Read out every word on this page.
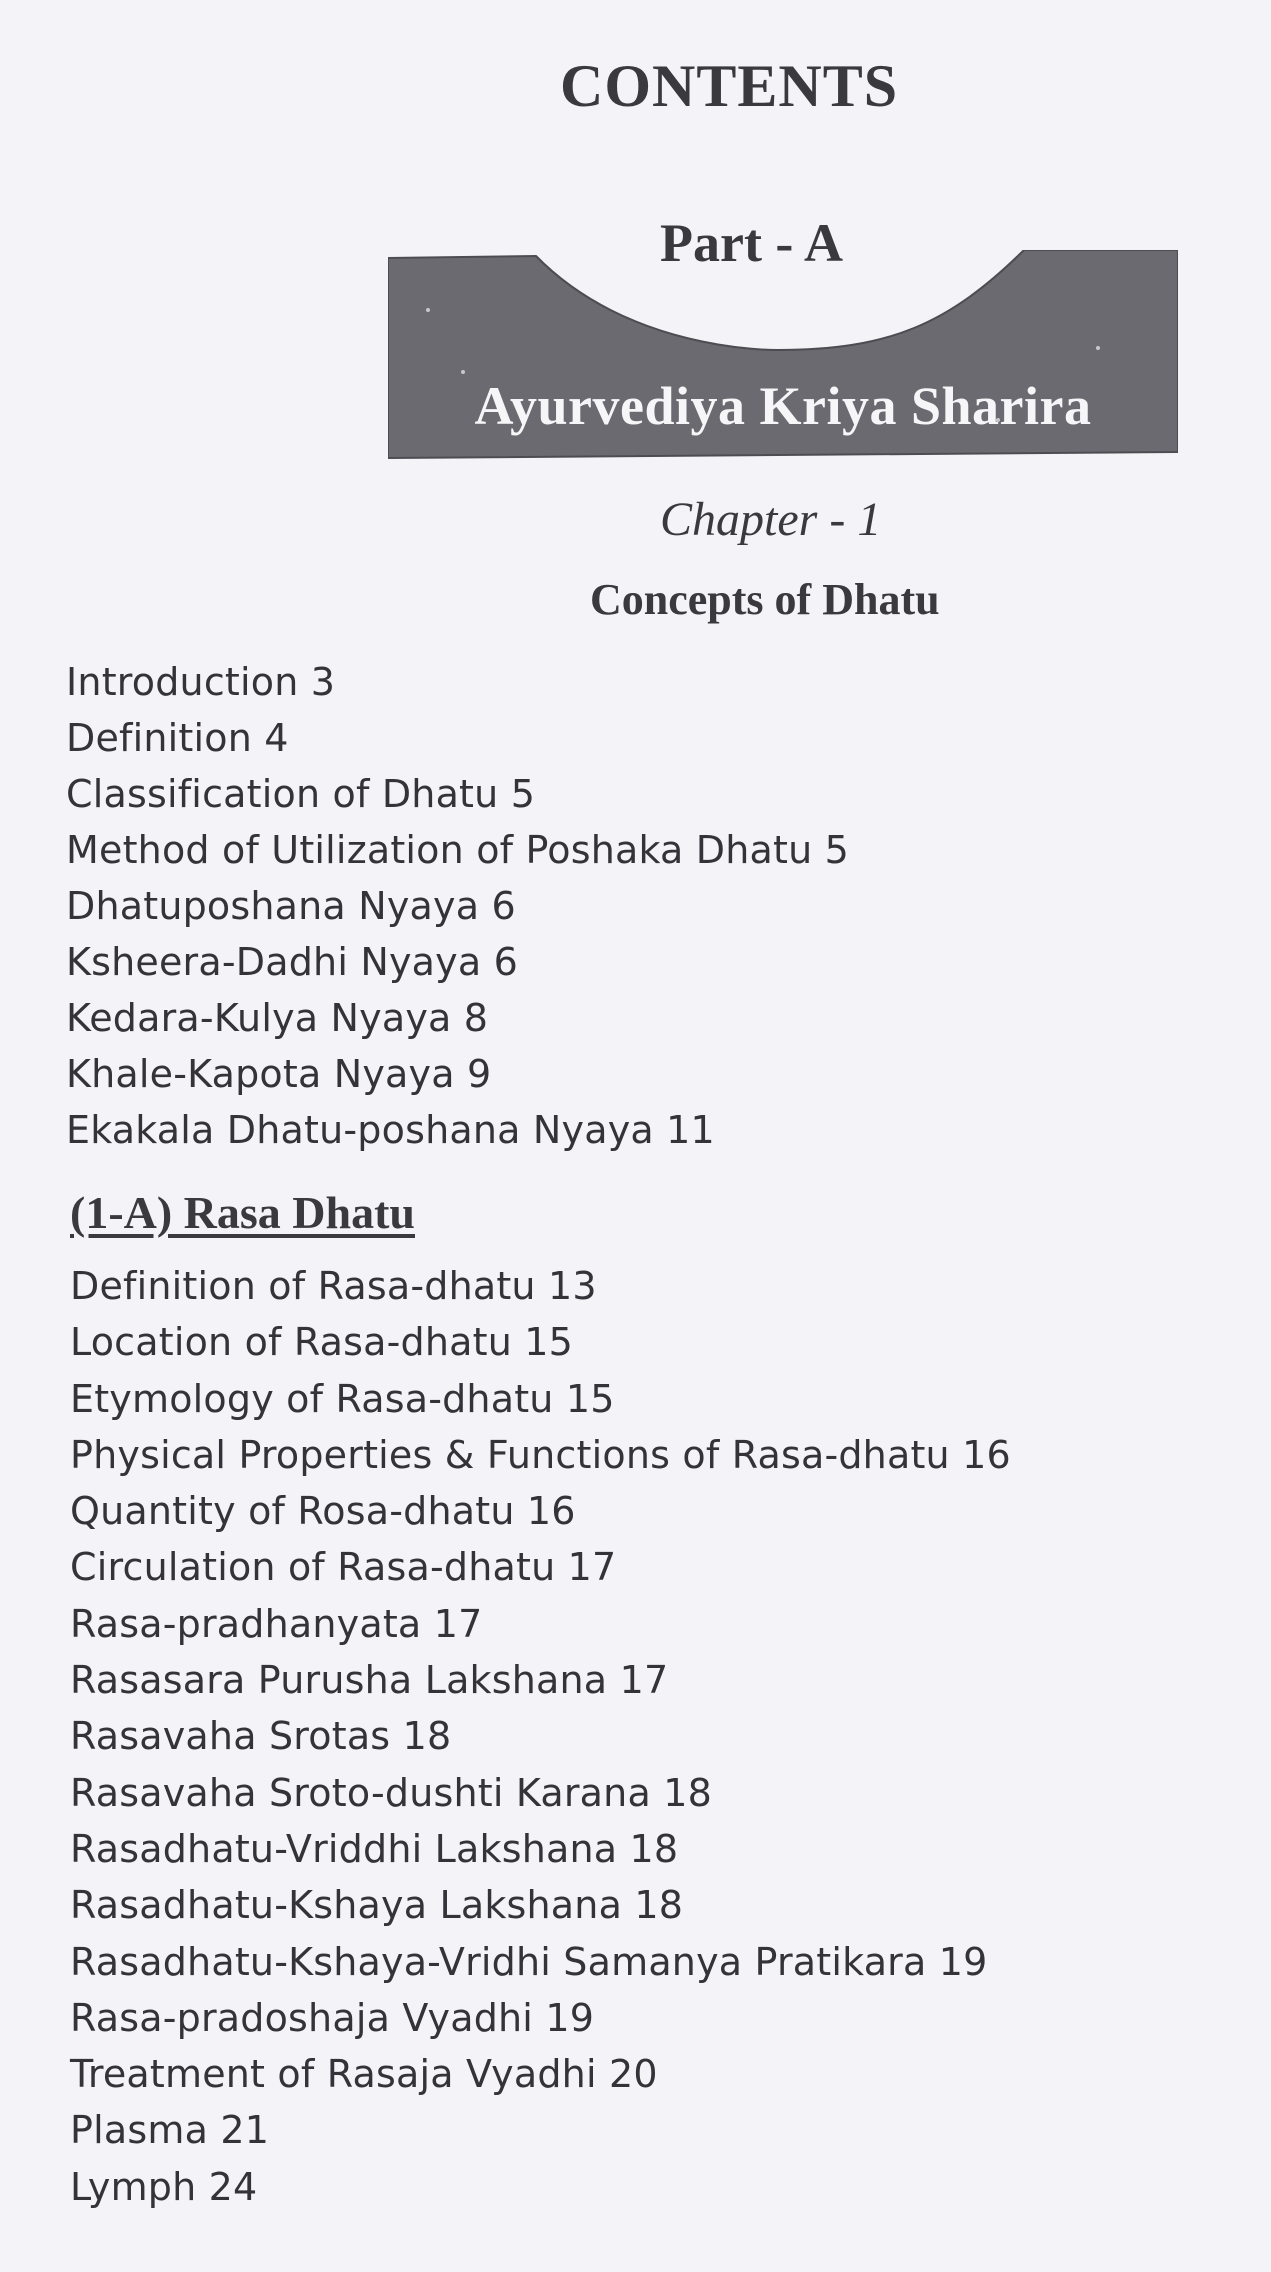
CONTENTS
Part - A
Ayurvediya Kriya Sharira
Chapter - 1
Concepts of Dhatu
Introduction 3
Definition 4
Classification of Dhatu 5
Method of Utilization of Poshaka Dhatu 5
Dhatuposhana Nyaya 6
Ksheera-Dadhi Nyaya 6
Kedara-Kulya Nyaya 8
Khale-Kapota Nyaya 9
Ekakala Dhatu-poshana Nyaya 11
(1-A) Rasa Dhatu
Definition of Rasa-dhatu 13
Location of Rasa-dhatu 15
Etymology of Rasa-dhatu 15
Physical Properties & Functions of Rasa-dhatu 16
Quantity of Rosa-dhatu 16
Circulation of Rasa-dhatu 17
Rasa-pradhanyata 17
Rasasara Purusha Lakshana 17
Rasavaha Srotas 18
Rasavaha Sroto-dushti Karana 18
Rasadhatu-Vriddhi Lakshana 18
Rasadhatu-Kshaya Lakshana 18
Rasadhatu-Kshaya-Vridhi Samanya Pratikara 19
Rasa-pradoshaja Vyadhi 19
Treatment of Rasaja Vyadhi 20
Plasma 21
Lymph 24
